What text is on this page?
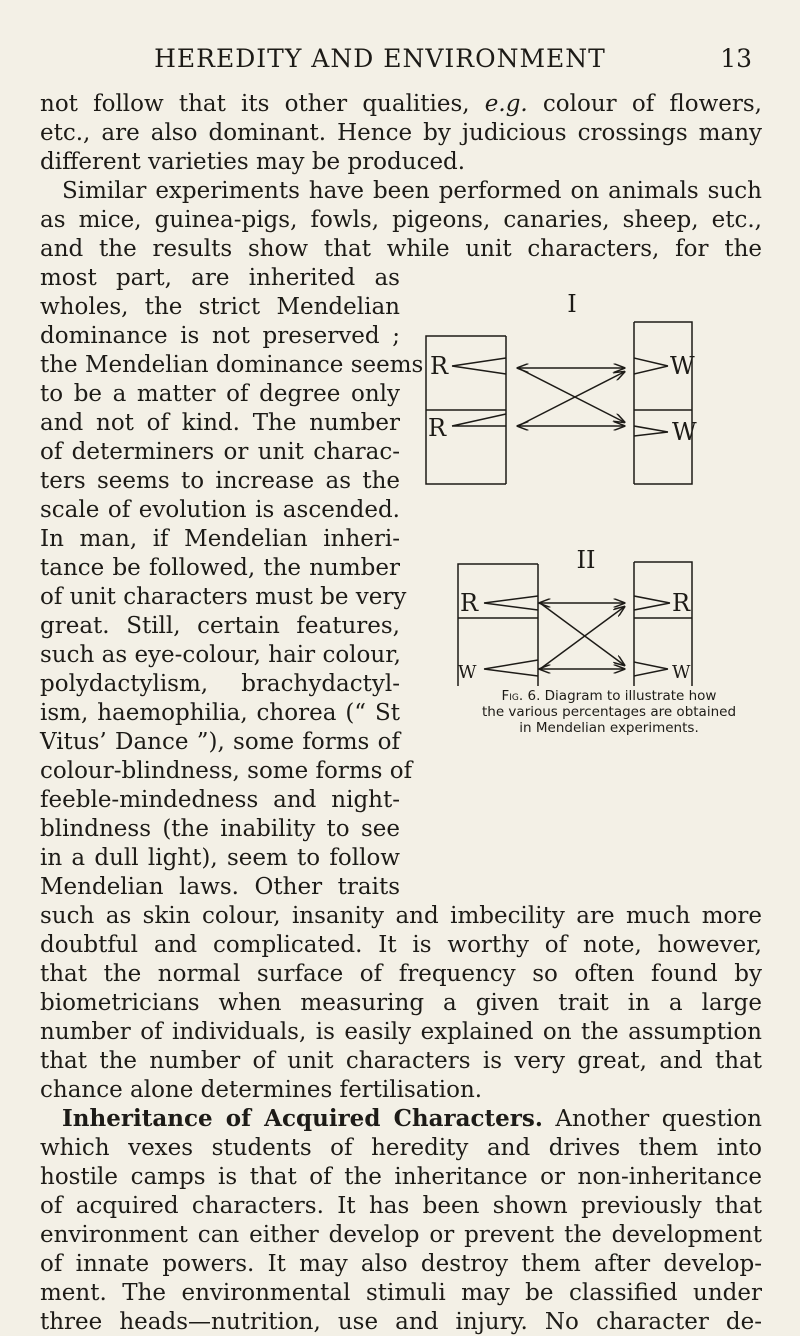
HEREDITY AND ENVIRONMENT	13
not follow that its other qualities, e.g. colour of flowers,
etc., are also dominant. Hence by judicious crossings many
different varieties may be produced.
Similar experiments have been performed on animals such
as mice, guinea-pigs, fowls, pigeons, canaries, sheep, etc.,
and the results show that while unit characters, for the
most part, are inherited as
wholes, the strict Mendelian
dominance is not preserved ;
the Mendelian dominance seems
to be a matter of degree only
and not of kind. The number
of determiners or unit charac-
ters seems to increase as the
scale of evolution is ascended.
In man, if Mendelian inheri-
tance be followed, the number
of unit characters must be very
great. Still, certain features,
such as eye-colour, hair colour,
polydactylism, brachydactyl-
ism, haemophilia, chorea (“ St
Vitus’ Dance ”), some forms of
colour-blindness, some forms of
feeble-mindedness and night-
blindness (the inability to see
in a dull light), seem to follow
Mendelian laws. Other traits
such as skin colour, insanity and imbecility are much more
doubtful and complicated. It is worthy of note, however,
that the normal surface of frequency so often found by
biometricians when measuring a given trait in a large
number of individuals, is easily explained on the assumption
that the number of unit characters is very great, and that
chance alone determines fertilisation.
Inheritance of Acquired Characters. Another question
which vexes students of heredity and drives them into
hostile camps is that of the inheritance or non-inheritance
of acquired characters. It has been shown previously that
environment can either develop or prevent the development
of innate powers. It may also destroy them after develop-
ment. The environmental stimuli may be classified under
three heads—nutrition, use and injury. No character de-
I
R
R
W
W
II
R
W
R
W
Fig. 6. Diagram to illustrate how
the various percentages are obtained
in Mendelian experiments.
